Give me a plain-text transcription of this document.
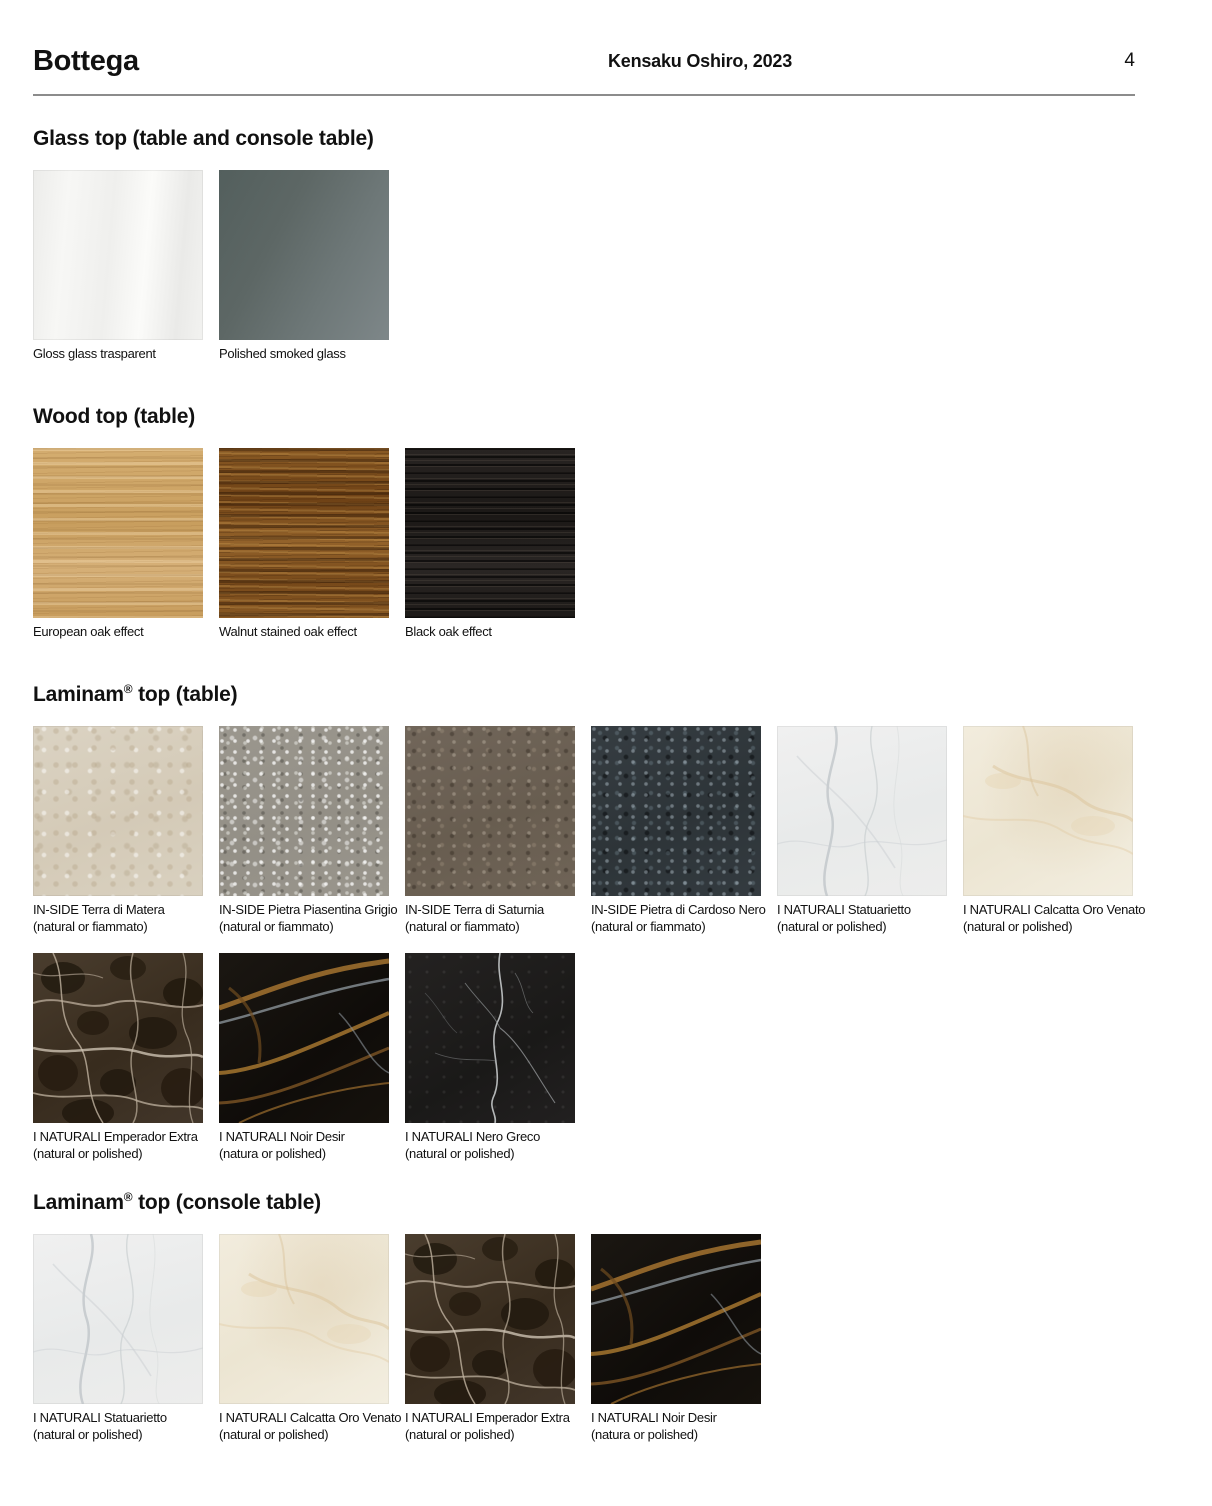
Bottega	Kensaku Oshiro, 2023	4
Glass top (table and console table)
Gloss glass trasparent	Polished smoked glass
Wood top (table)
European oak effect	Walnut stained oak effect	Black oak effect
Laminam® top (table)
IN-SIDE Terra di Matera
(natural or fiammato)
IN-SIDE Pietra Piasentina Grigio
(natural or fiammato)
IN-SIDE Terra di Saturnia
(natural or fiammato)
IN-SIDE Pietra di Cardoso Nero
(natural or fiammato)
I NATURALI Statuarietto
(natural or polished)
I NATURALI Calcatta Oro Venato
(natural or polished)
I NATURALI Emperador Extra
(natural or polished)
I NATURALI Noir Desir
(natura or polished)
I NATURALI Nero Greco
(natural or polished)
Laminam® top (console table)
I NATURALI Statuarietto
(natural or polished)
I NATURALI Calcatta Oro Venato
(natural or polished)
I NATURALI Emperador Extra
(natural or polished)
I NATURALI Noir Desir
(natura or polished)
